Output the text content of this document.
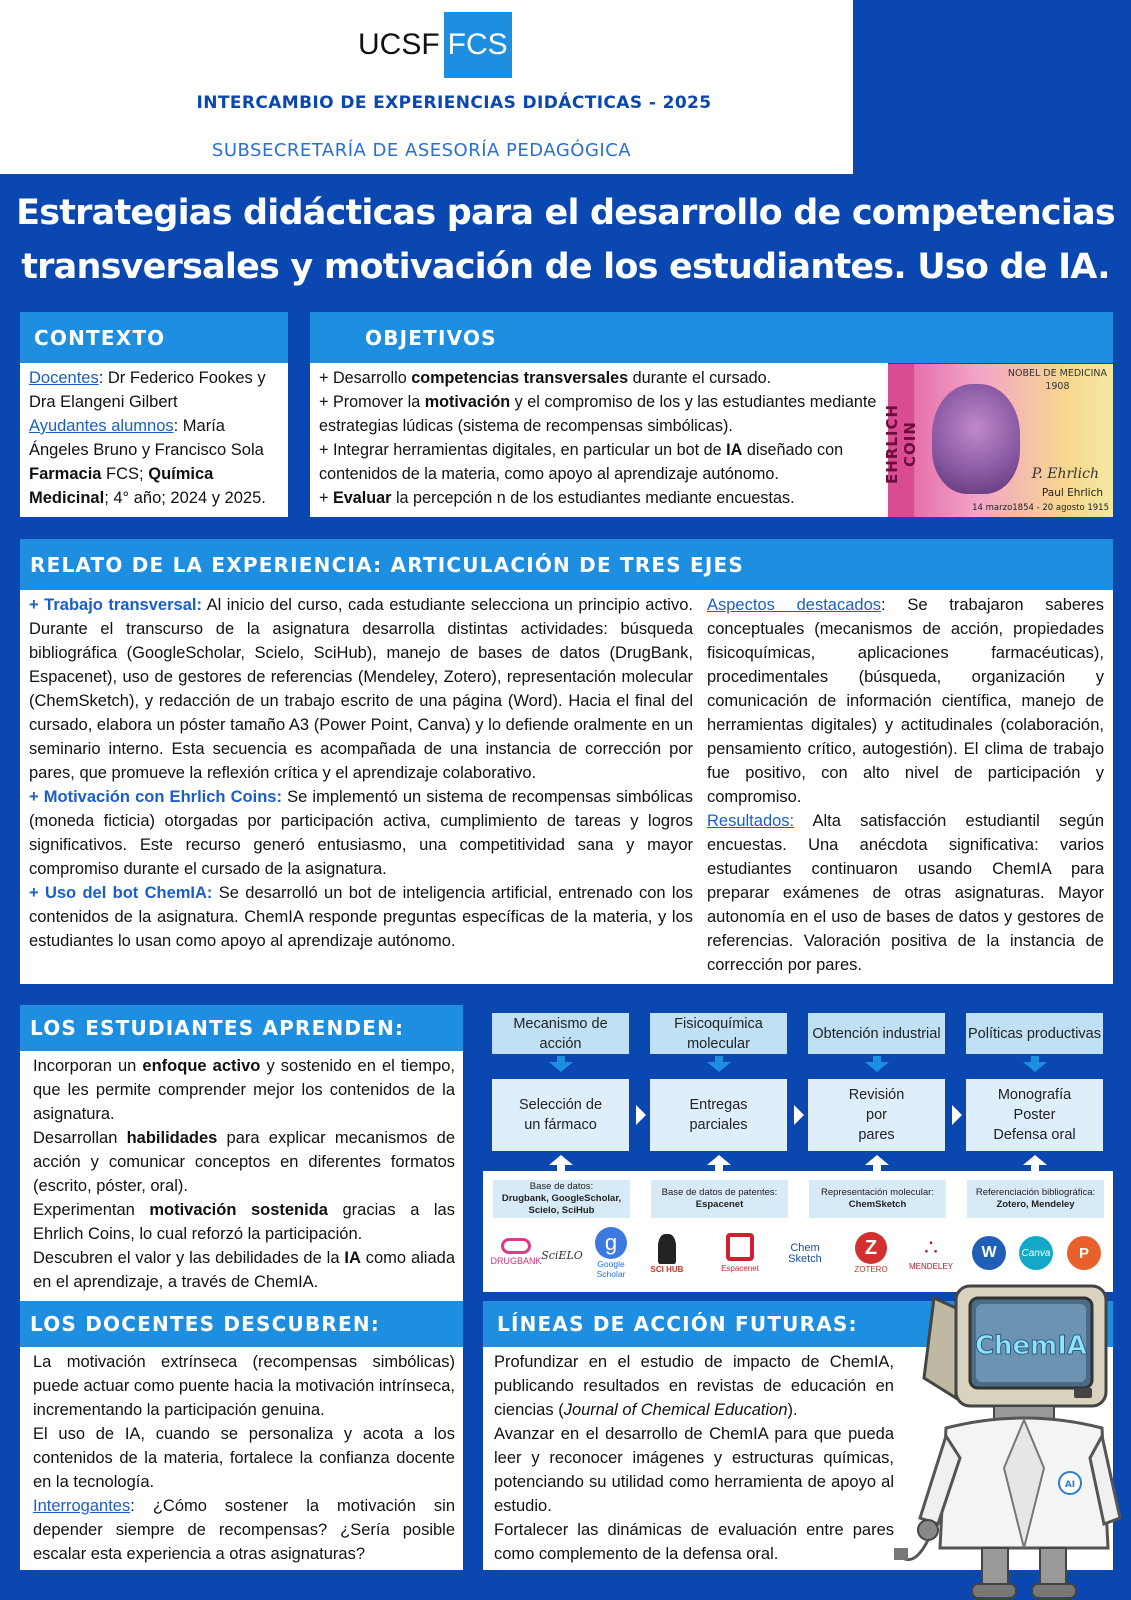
UCSF FCS
INTERCAMBIO DE EXPERIENCIAS DIDÁCTICAS - 2025
SUBSECRETARÍA DE ASESORÍA PEDAGÓGICA
Estrategias didácticas para el desarrollo de competencias
transversales y motivación de los estudiantes. Uso de IA.
CONTEXTO
Docentes: Dr Federico Fookes y Dra Elangeni Gilbert
Ayudantes alumnos: María Ángeles Bruno y Francisco Sola
Farmacia FCS; Química Medicinal; 4° año; 2024 y 2025.
OBJETIVOS
+ Desarrollo competencias transversales durante el cursado.
+ Promover la motivación y el compromiso de los y las estudiantes mediante estrategias lúdicas (sistema de recompensas simbólicas).
+ Integrar herramientas digitales, en particular un bot de IA diseñado con contenidos de la materia, como apoyo al aprendizaje autónomo.
+ Evaluar la percepción n de los estudiantes mediante encuestas.
EHRLICH COIN
NOBEL DE MEDICINA
1908
P. Ehrlich
Paul Ehrlich
14 marzo1854 - 20 agosto 1915
RELATO DE LA EXPERIENCIA: ARTICULACIÓN DE TRES EJES
+ Trabajo transversal: Al inicio del curso, cada estudiante selecciona un principio activo. Durante el transcurso de la asignatura desarrolla distintas actividades: búsqueda bibliográfica (GoogleScholar, Scielo, SciHub), manejo de bases de datos (DrugBank, Espacenet), uso de gestores de referencias (Mendeley, Zotero), representación molecular (ChemSketch), y redacción de un trabajo escrito de una página (Word). Hacia el final del cursado, elabora un póster tamaño A3 (Power Point, Canva) y lo defiende oralmente en un seminario interno. Esta secuencia es acompañada de una instancia de corrección por pares, que promueve la reflexión crítica y el aprendizaje colaborativo.
+ Motivación con Ehrlich Coins: Se implementó un sistema de recompensas simbólicas (moneda ficticia) otorgadas por participación activa, cumplimiento de tareas y logros significativos. Este recurso generó entusiasmo, una competitividad sana y mayor compromiso durante el cursado de la asignatura.
+ Uso del bot ChemIA: Se desarrolló un bot de inteligencia artificial, entrenado con los contenidos de la asignatura. ChemIA responde preguntas específicas de la materia, y los estudiantes lo usan como apoyo al aprendizaje autónomo.
Aspectos destacados: Se trabajaron saberes conceptuales (mecanismos de acción, propiedades fisicoquímicas, aplicaciones farmacéuticas), procedimentales (búsqueda, organización y comunicación de información científica, manejo de herramientas digitales) y actitudinales (colaboración, pensamiento crítico, autogestión). El clima de trabajo fue positivo, con alto nivel de participación y compromiso.
Resultados: Alta satisfacción estudiantil según encuestas. Una anécdota significativa: varios estudiantes continuaron usando ChemIA para preparar exámenes de otras asignaturas. Mayor autonomía en el uso de bases de datos y gestores de referencias. Valoración positiva de la instancia de corrección por pares.
LOS ESTUDIANTES APRENDEN:
Incorporan un enfoque activo y sostenido en el tiempo, que les permite comprender mejor los contenidos de la asignatura.
Desarrollan habilidades para explicar mecanismos de acción y comunicar conceptos en diferentes formatos (escrito, póster, oral).
Experimentan motivación sostenida gracias a las Ehrlich Coins, lo cual reforzó la participación.
Descubren el valor y las debilidades de la IA como aliada en el aprendizaje, a través de ChemIA.
LOS DOCENTES DESCUBREN:
La motivación extrínseca (recompensas simbólicas) puede actuar como puente hacia la motivación intrínseca, incrementando la participación genuina.
El uso de IA, cuando se personaliza y acota a los contenidos de la materia, fortalece la confianza docente en la tecnología.
Interrogantes: ¿Cómo sostener la motivación sin depender siempre de recompensas? ¿Sería posible escalar esta experiencia a otras asignaturas?
Mecanismo de acción
Fisicoquímica molecular
Obtención industrial	Políticas productivas
Selección de un fármaco
Entregas parciales
Revisión por pares
Monografía Poster Defensa oral
Base de datos:
Drugbank, GoogleScholar, Scielo, SciHub
Base de datos de patentes:
Espacenet
Representación molecular:
ChemSketch
Referenciación bibliográfica:
Zotero, Mendeley
DRUGBANK SciELO	g
Google Scholar	SCI HUB	Espacenet
Chem Sketch	Z
ZOTERO
∴
MENDELEY
W	Canva	P
LÍNEAS DE ACCIÓN FUTURAS:
Profundizar en el estudio de impacto de ChemIA, publicando resultados en revistas de educación en ciencias (Journal of Chemical Education).
Avanzar en el desarrollo de ChemIA para que pueda leer y reconocer imágenes y estructuras químicas, potenciando su utilidad como herramienta de apoyo al estudio.
Fortalecer las dinámicas de evaluación entre pares como complemento de la defensa oral.
ChemIA
AI
